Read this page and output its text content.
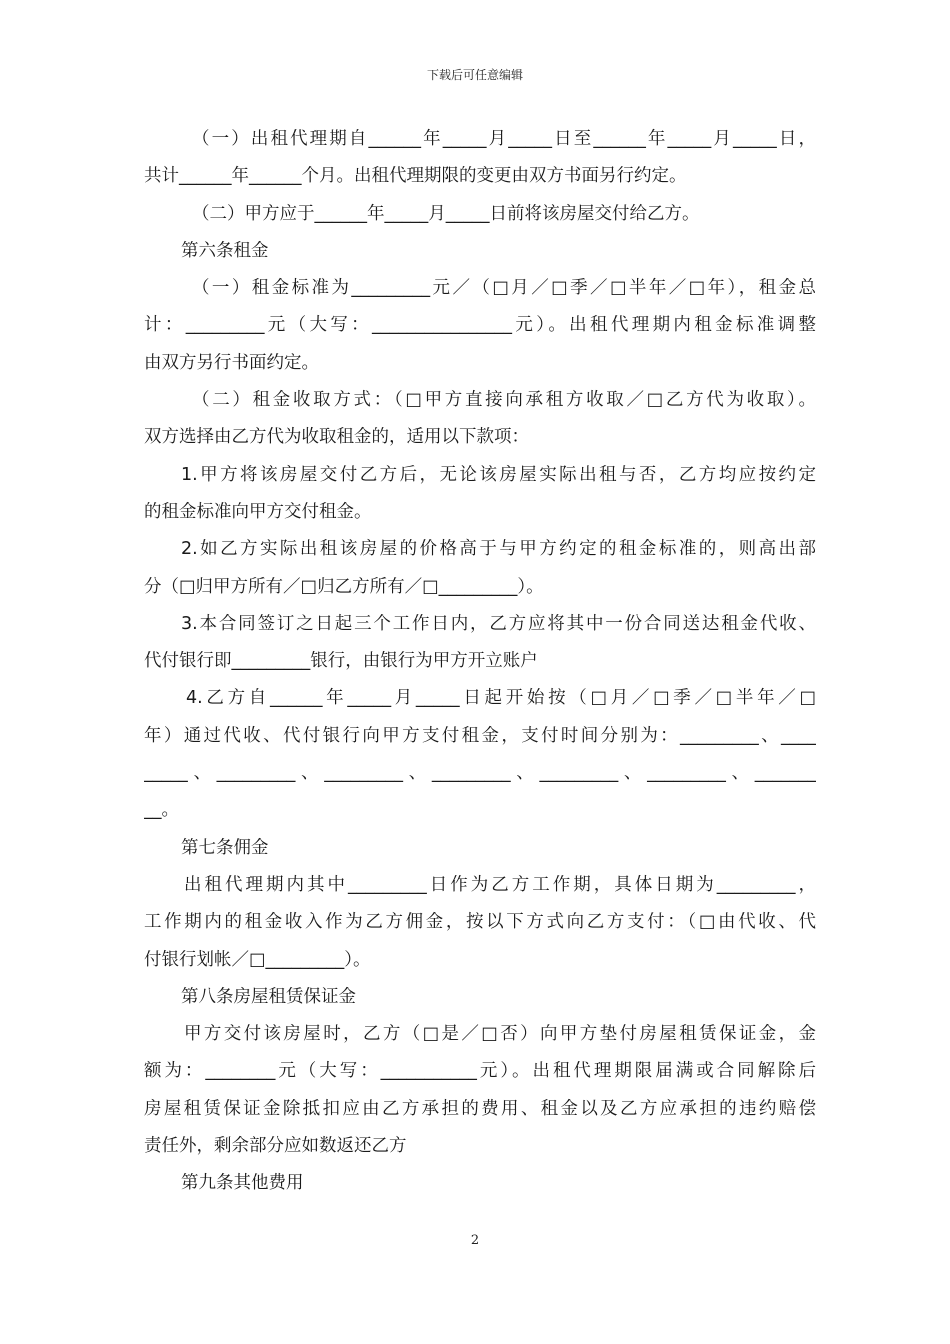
下载后可任意编辑
（一）出租代理期自______年_____月_____日至______年_____月_____日，
共计______年______个月。出租代理期限的变更由双方书面另行约定。
（二）甲方应于______年_____月_____日前将该房屋交付给乙方。
第六条租金
（一）租金标准为_________元／（□月／□季／□半年／□年），租金总
计：_________元（大写：________________元）。出租代理期内租金标准调整
由双方另行书面约定。
（二）租金收取方式：（□甲方直接向承租方收取／□乙方代为收取）。
双方选择由乙方代为收取租金的，适用以下款项：
1.甲方将该房屋交付乙方后，无论该房屋实际出租与否，乙方均应按约定
的租金标准向甲方交付租金。
2.如乙方实际出租该房屋的价格高于与甲方约定的租金标准的，则高出部
分（□归甲方所有／□归乙方所有／□_________）。
3.本合同签订之日起三个工作日内，乙方应将其中一份合同送达租金代收、
代付银行即_________银行，由银行为甲方开立账户
4.乙方自______年_____月_____日起开始按（□月／□季／□半年／□
年）通过代收、代付银行向甲方支付租金，支付时间分别为：_________、____
_____、_________、_________、_________、_________、_________、_______
__。
第七条佣金
出租代理期内其中_________日作为乙方工作期，具体日期为_________，
工作期内的租金收入作为乙方佣金，按以下方式向乙方支付：（□由代收、代
付银行划帐／□_________）。
第八条房屋租赁保证金
甲方交付该房屋时，乙方（□是／□否）向甲方垫付房屋租赁保证金，金
额为：________元（大写：___________元）。出租代理期限届满或合同解除后
房屋租赁保证金除抵扣应由乙方承担的费用、租金以及乙方应承担的违约赔偿
责任外，剩余部分应如数返还乙方
第九条其他费用
2
